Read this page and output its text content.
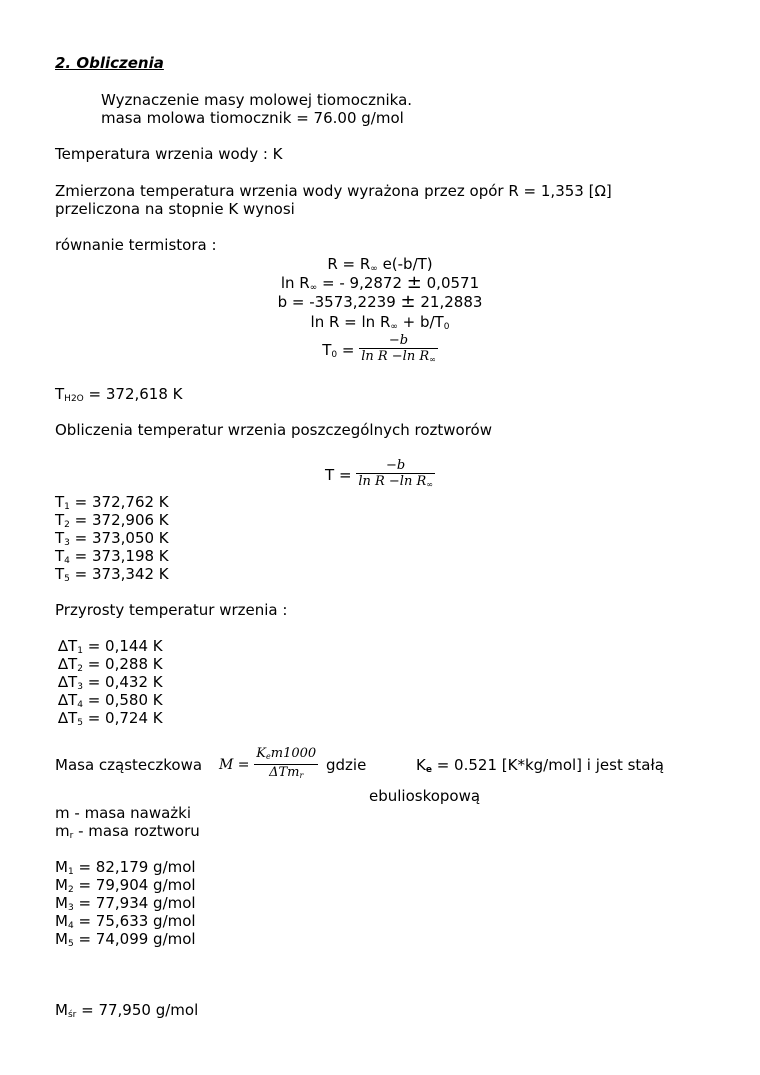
2. Obliczenia
Wyznaczenie masy molowej tiomocznika.
masa molowa tiomocznik = 76.00 g/mol
Temperatura wrzenia wody : K
Zmierzona temperatura wrzenia wody wyrażona przez opór R = 1,353 [Ω]
przeliczona na stopnie K wynosi
równanie termistora :
$R = R_\infty$ e(-b/T)
$\ln R_\infty$ = - 9,2872 ± 0,0571
b = -3573,2239 ± 21,2883
$\ln R = \ln R_\infty + b/T_0$
$T_0 = \frac{-b}{\ln R -\ln R_\infty}$
$T_{H2O} = 372,618$ K
Obliczenia temperatur wrzenia poszczególnych roztworów
$T = \frac{-b}{\ln R -\ln R_\infty}$
$T_1 = 372,762$ K
$T_2 = 372,906$ K
$T_3 = 373,050$ K
$T_4 = 373,198$ K
$T_5 = 373,342$ K
Przyrosty temperatur wrzenia :
$\Delta T_1 = 0,144$ K
$\Delta T_2 = 0,288$ K
$\Delta T_3 = 0,432$ K
$\Delta T_4 = 0,580$ K
$\Delta T_5 = 0,724$ K
Masa cząsteczkowa $M = \frac{K_em1000}{\Delta Tm_r}$ gdzie	$K_e = 0.521$ [K*kg/mol] i jest stałą
ebulioskopową
m - masa naważki
$m_r$ - masa roztworu
$M_1 = 82,179$ g/mol
$M_2 = 79,904$ g/mol
$M_3 = 77,934$ g/mol
$M_4 = 75,633$ g/mol
$M_5 = 74,099$ g/mol
$M_{śr} = 77,950$ g/mol
